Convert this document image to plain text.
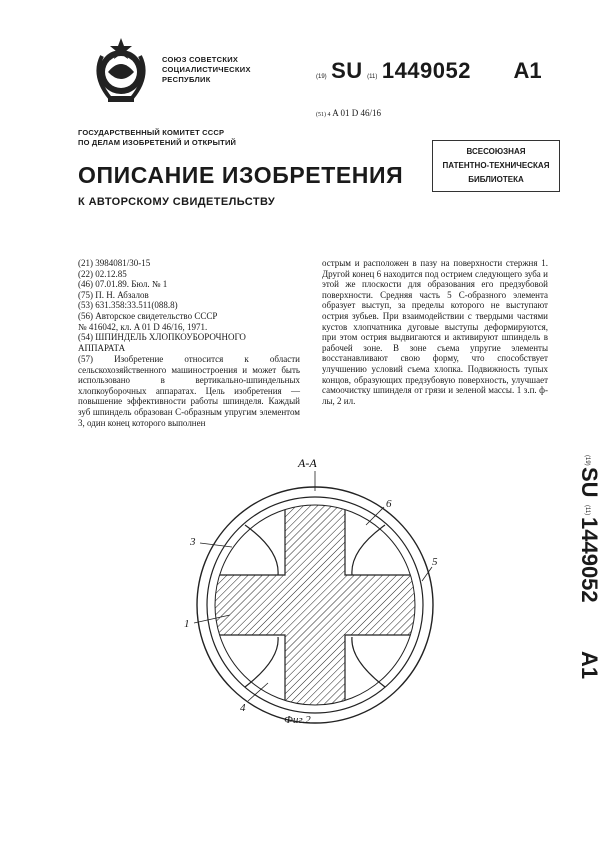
СОЮЗ СОВЕТСКИХ
СОЦИАЛИСТИЧЕСКИХ
РЕСПУБЛИК	(19) SU (11) 1449052 A1
(51) 4 A 01 D 46/16
ГОСУДАРСТВЕННЫЙ КОМИТЕТ СССР
ПО ДЕЛАМ ИЗОБРЕТЕНИЙ И ОТКРЫТИЙ
ВСЕСОЮЗНАЯ
ПАТЕНТНО-ТЕХНИЧЕСКАЯ
БИБЛИОТЕКА
ОПИСАНИЕ ИЗОБРЕТЕНИЯ
К АВТОРСКОМУ СВИДЕТЕЛЬСТВУ
(21) 3984081/30-15
(22) 02.12.85
(46) 07.01.89. Бюл. № 1
(75) П. Н. Абзалов
(53) 631.358:33.511(088.8)
(56) Авторское свидетельство СССР
№ 416042, кл. A 01 D 46/16, 1971.
(54) ШПИНДЕЛЬ ХЛОПКОУБОРОЧНОГО
АППАРАТА
(57) Изобретение относится к области сельскохозяйственного машиностроения и может быть использовано в вертикально-шпиндельных хлопкоуборочных аппаратах. Цель изобретения — повышение эффективности работы шпинделя. Каждый зуб шпиндель образован С-образным упругим элементом 3, один конец которого выполнен
острым и расположен в пазу на поверхности стержня 1. Другой конец 6 находится под острием следующего зуба и этой же плоскости для образования его предзубовой поверхности. Средняя часть 5 С-образного элемента образует выступ, за пределы которого не выступают острия зубьев. При взаимодействии с твердыми частями кустов хлопчатника дуговые выступы деформируются, при этом острия выдвигаются и активируют шпиндель в рабочей зоне. В зоне съема упругие элементы восстанавливают свою форму, что способствует улучшению условий съема хлопка. Подвижность тупых концов, образующих предзубовую поверхность, улучшает самоочистку шпинделя от грязи и зеленой массы. 1 з.п. ф-лы, 2 ил.
(19)
SU
(11)
1449052
A1
А-А
3
6
5
1
4
Фиг.2
